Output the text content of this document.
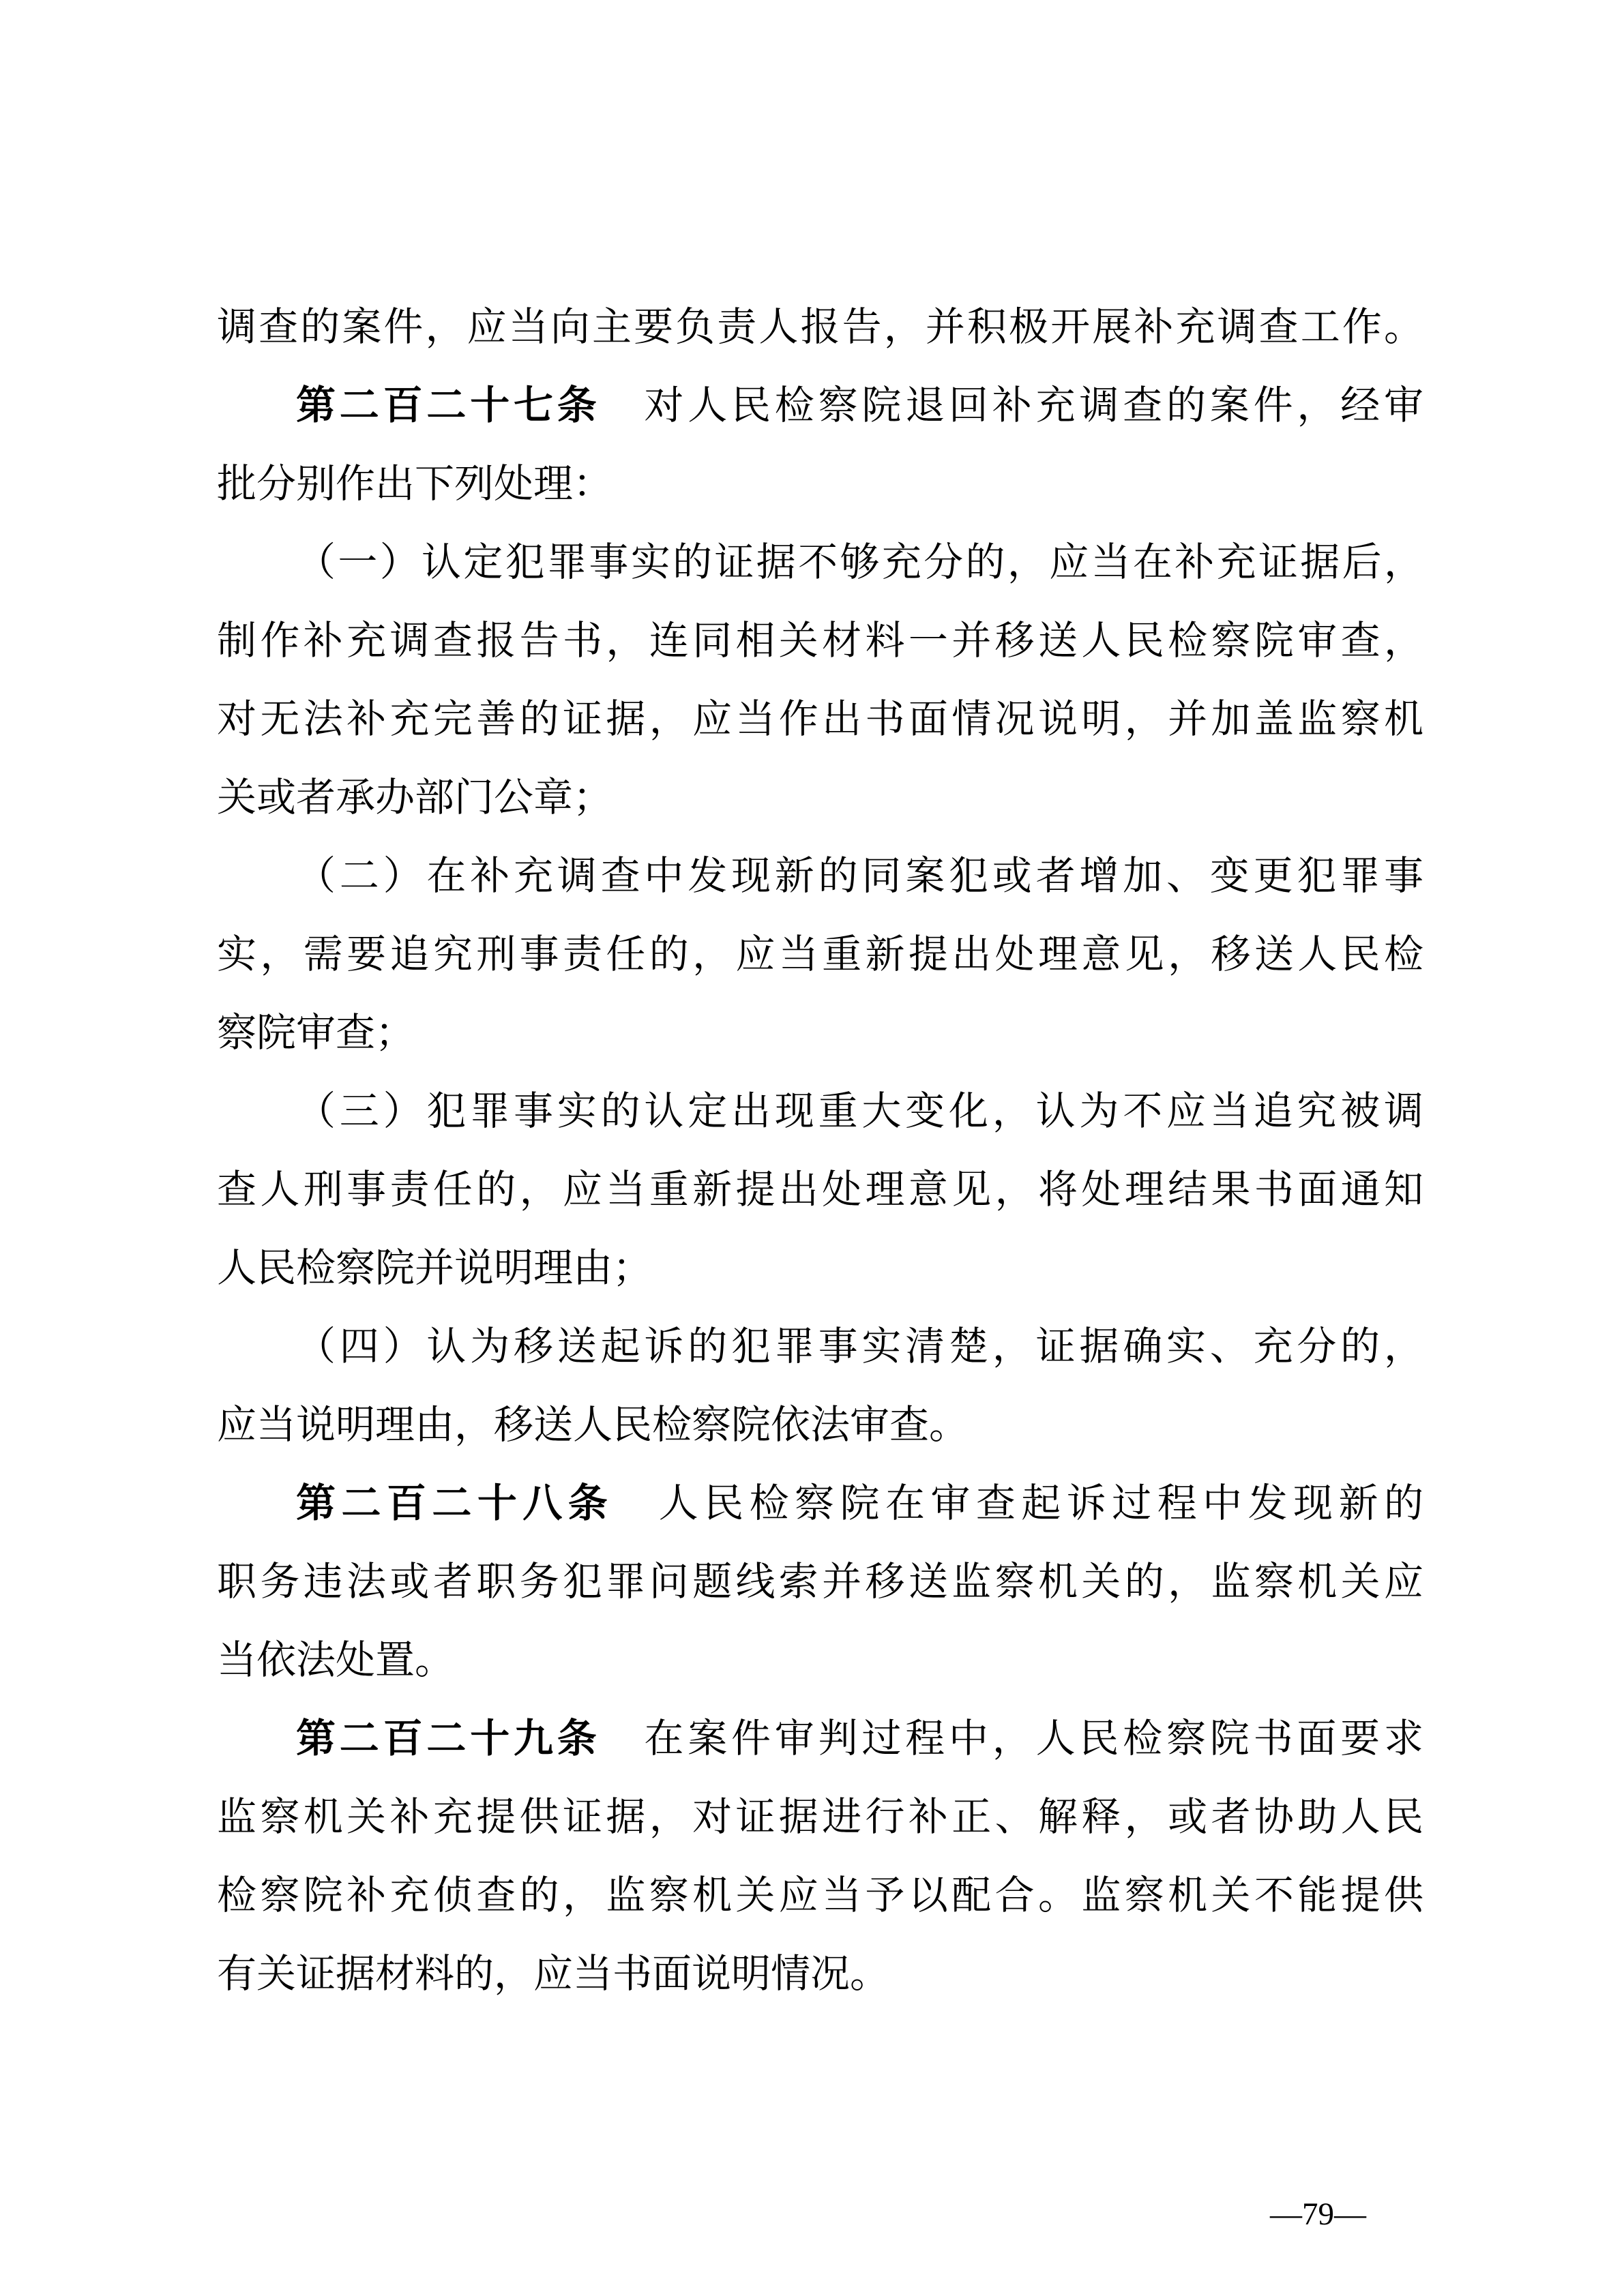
调查的案件，应当向主要负责人报告，并积极开展补充调查工作。
第二百二十七条　对人民检察院退回补充调查的案件，经审
批分别作出下列处理：
（一）认定犯罪事实的证据不够充分的，应当在补充证据后，
制作补充调查报告书，连同相关材料一并移送人民检察院审查，
对无法补充完善的证据，应当作出书面情况说明，并加盖监察机
关或者承办部门公章；
（二）在补充调查中发现新的同案犯或者增加、变更犯罪事
实，需要追究刑事责任的，应当重新提出处理意见，移送人民检
察院审查；
（三）犯罪事实的认定出现重大变化，认为不应当追究被调
查人刑事责任的，应当重新提出处理意见，将处理结果书面通知
人民检察院并说明理由；
（四）认为移送起诉的犯罪事实清楚，证据确实、充分的，
应当说明理由，移送人民检察院依法审查。
第二百二十八条　人民检察院在审查起诉过程中发现新的
职务违法或者职务犯罪问题线索并移送监察机关的，监察机关应
当依法处置。
第二百二十九条　在案件审判过程中，人民检察院书面要求
监察机关补充提供证据，对证据进行补正、解释，或者协助人民
检察院补充侦查的，监察机关应当予以配合。监察机关不能提供
有关证据材料的，应当书面说明情况。
—79—
